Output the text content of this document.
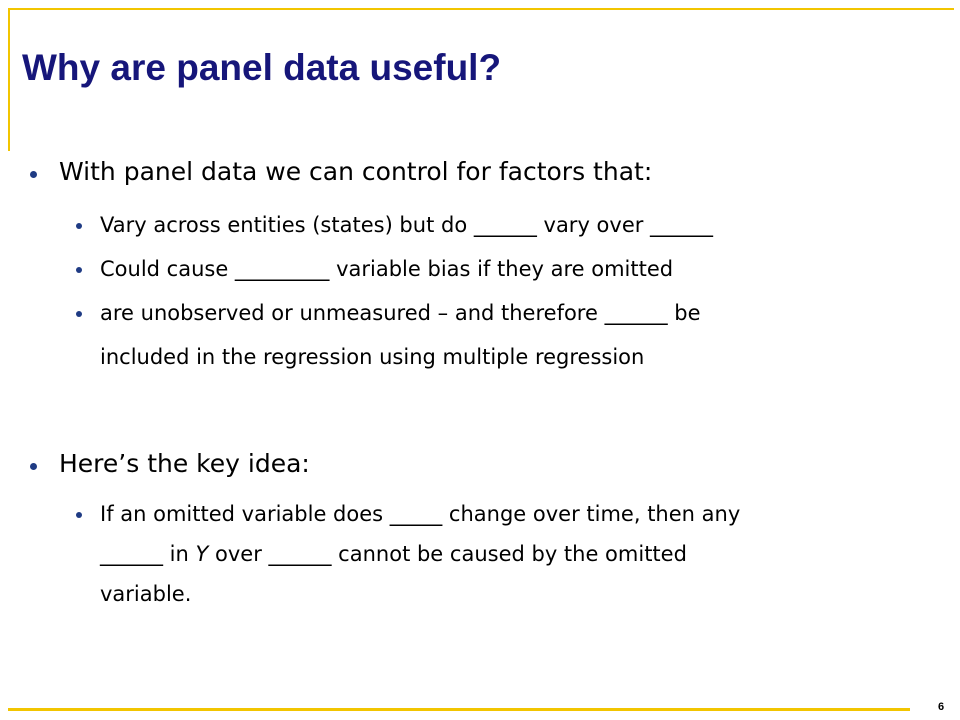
Why are panel data useful?
With panel data we can control for factors that:
Vary across entities (states) but do ______ vary over ______
Could cause _________ variable bias if they are omitted
are unobserved or unmeasured – and therefore ______ be
included in the regression using multiple regression
Here’s the key idea:
If an omitted variable does _____ change over time, then any
______ in Y over ______ cannot be caused by the omitted
variable.
6
